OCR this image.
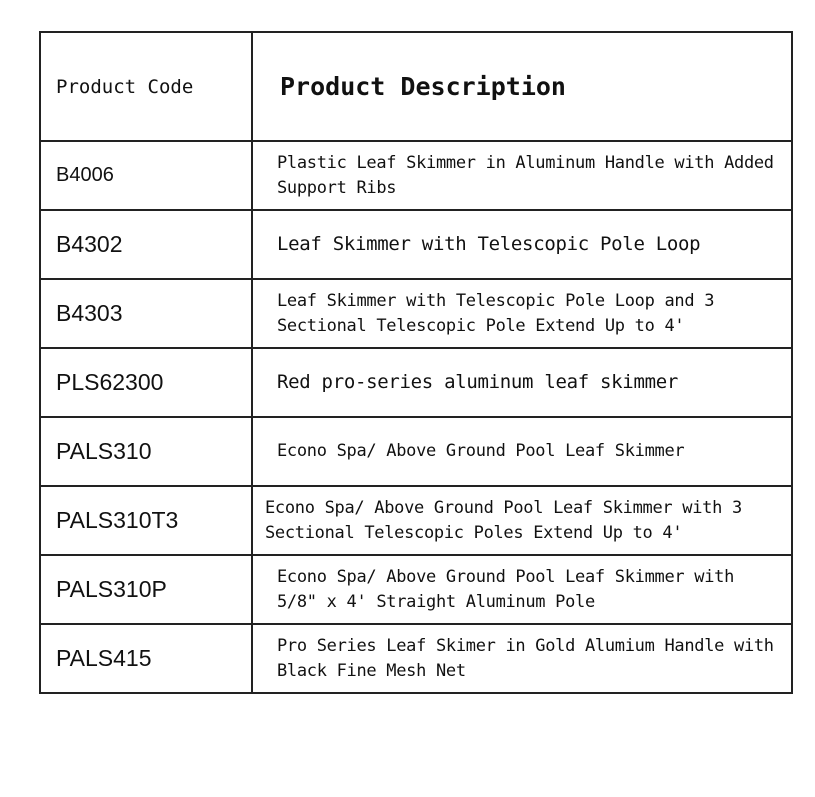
Product Code	Product Description
B4006	Plastic Leaf Skimmer in Aluminum Handle with Added Support Ribs
B4302	Leaf Skimmer with Telescopic Pole Loop
B4303	Leaf Skimmer with Telescopic Pole Loop and 3 Sectional Telescopic Pole Extend Up to 4'
PLS62300	Red pro-series aluminum leaf skimmer
PALS310	Econo Spa/ Above Ground Pool Leaf Skimmer
PALS310T3	Econo Spa/ Above Ground Pool Leaf Skimmer with 3 Sectional Telescopic Poles Extend Up to 4'
PALS310P	Econo Spa/ Above Ground Pool Leaf Skimmer with 5/8" x 4' Straight Aluminum Pole
PALS415	Pro Series Leaf Skimer in Gold Alumium Handle with Black Fine Mesh Net
